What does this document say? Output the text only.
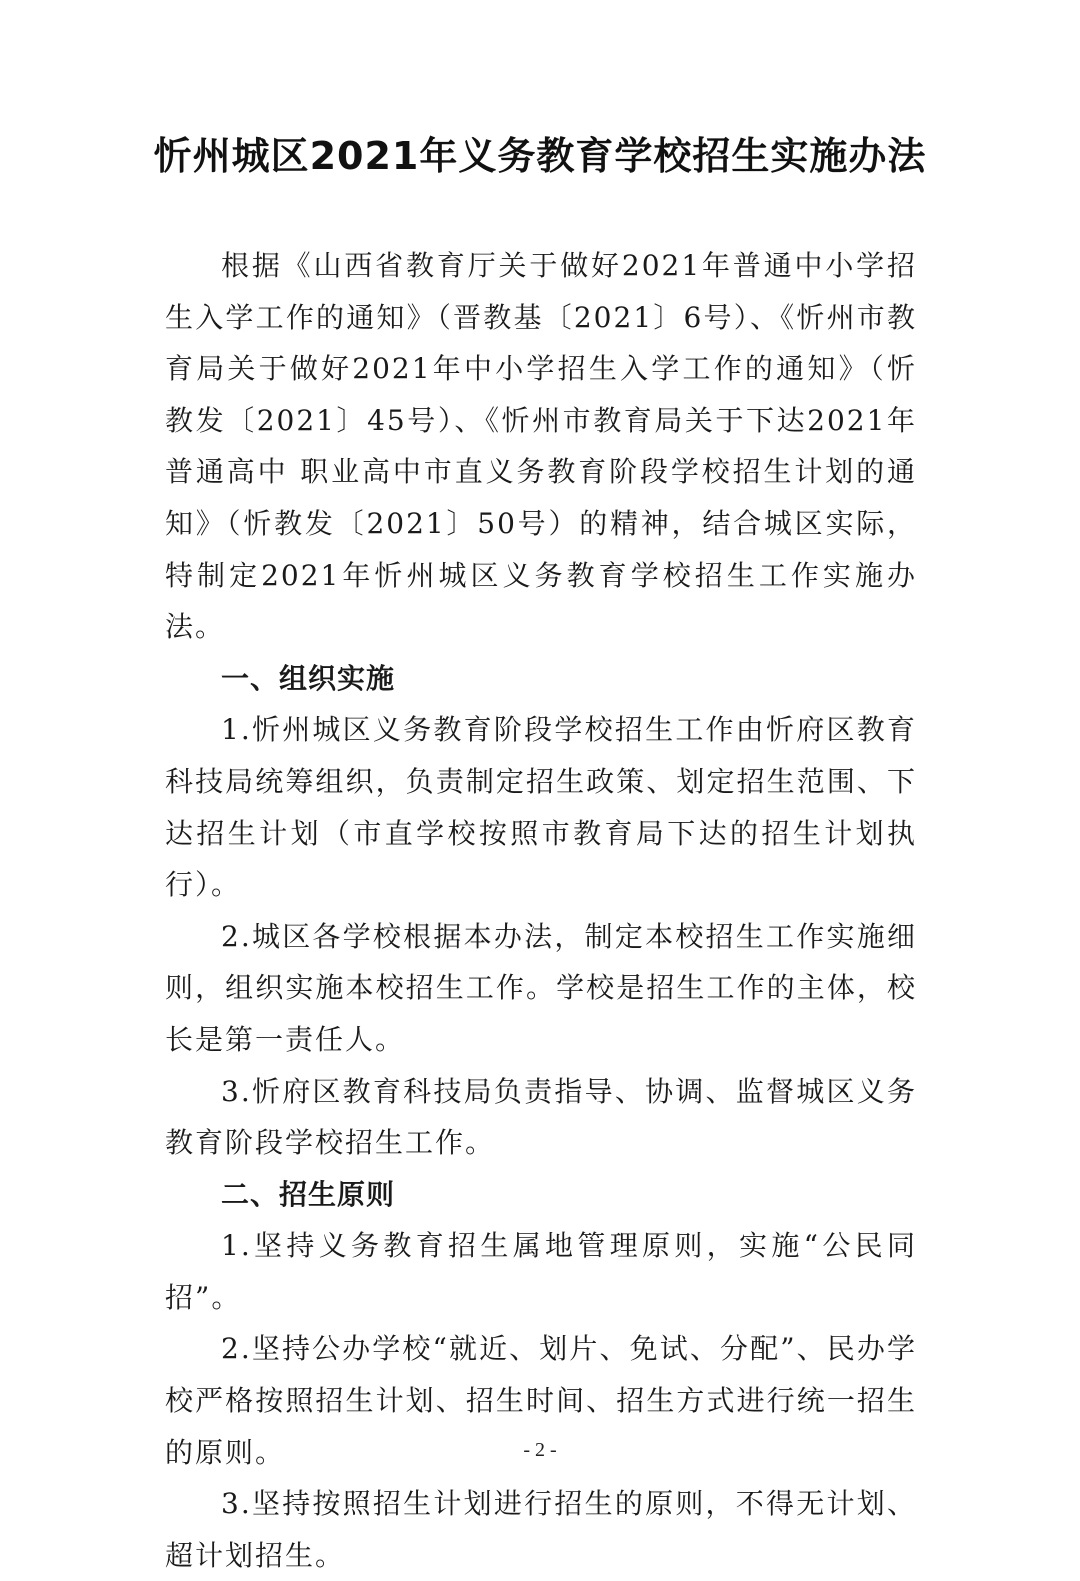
忻州城区2021年义务教育学校招生实施办法

根据《山西省教育厅关于做好2021年普通中小学招生入学工作的通知》（晋教基〔2021〕6号）、《忻州市教育局关于做好2021年中小学招生入学工作的通知》（忻教发〔2021〕45号）、《忻州市教育局关于下达2021年普通高中 职业高中市直义务教育阶段学校招生计划的通知》（忻教发〔2021〕50号）的精神，结合城区实际，特制定2021年忻州城区义务教育学校招生工作实施办法。

一、组织实施

1.忻州城区义务教育阶段学校招生工作由忻府区教育科技局统筹组织，负责制定招生政策、划定招生范围、下达招生计划（市直学校按照市教育局下达的招生计划执行）。

2.城区各学校根据本办法，制定本校招生工作实施细则，组织实施本校招生工作。学校是招生工作的主体，校长是第一责任人。

3.忻府区教育科技局负责指导、协调、监督城区义务教育阶段学校招生工作。

二、招生原则

1.坚持义务教育招生属地管理原则，实施“公民同招”。

2.坚持公办学校“就近、划片、免试、分配”、民办学校严格按照招生计划、招生时间、招生方式进行统一招生的原则。

3.坚持按照招生计划进行招生的原则，不得无计划、超计划招生。

- 2 -
